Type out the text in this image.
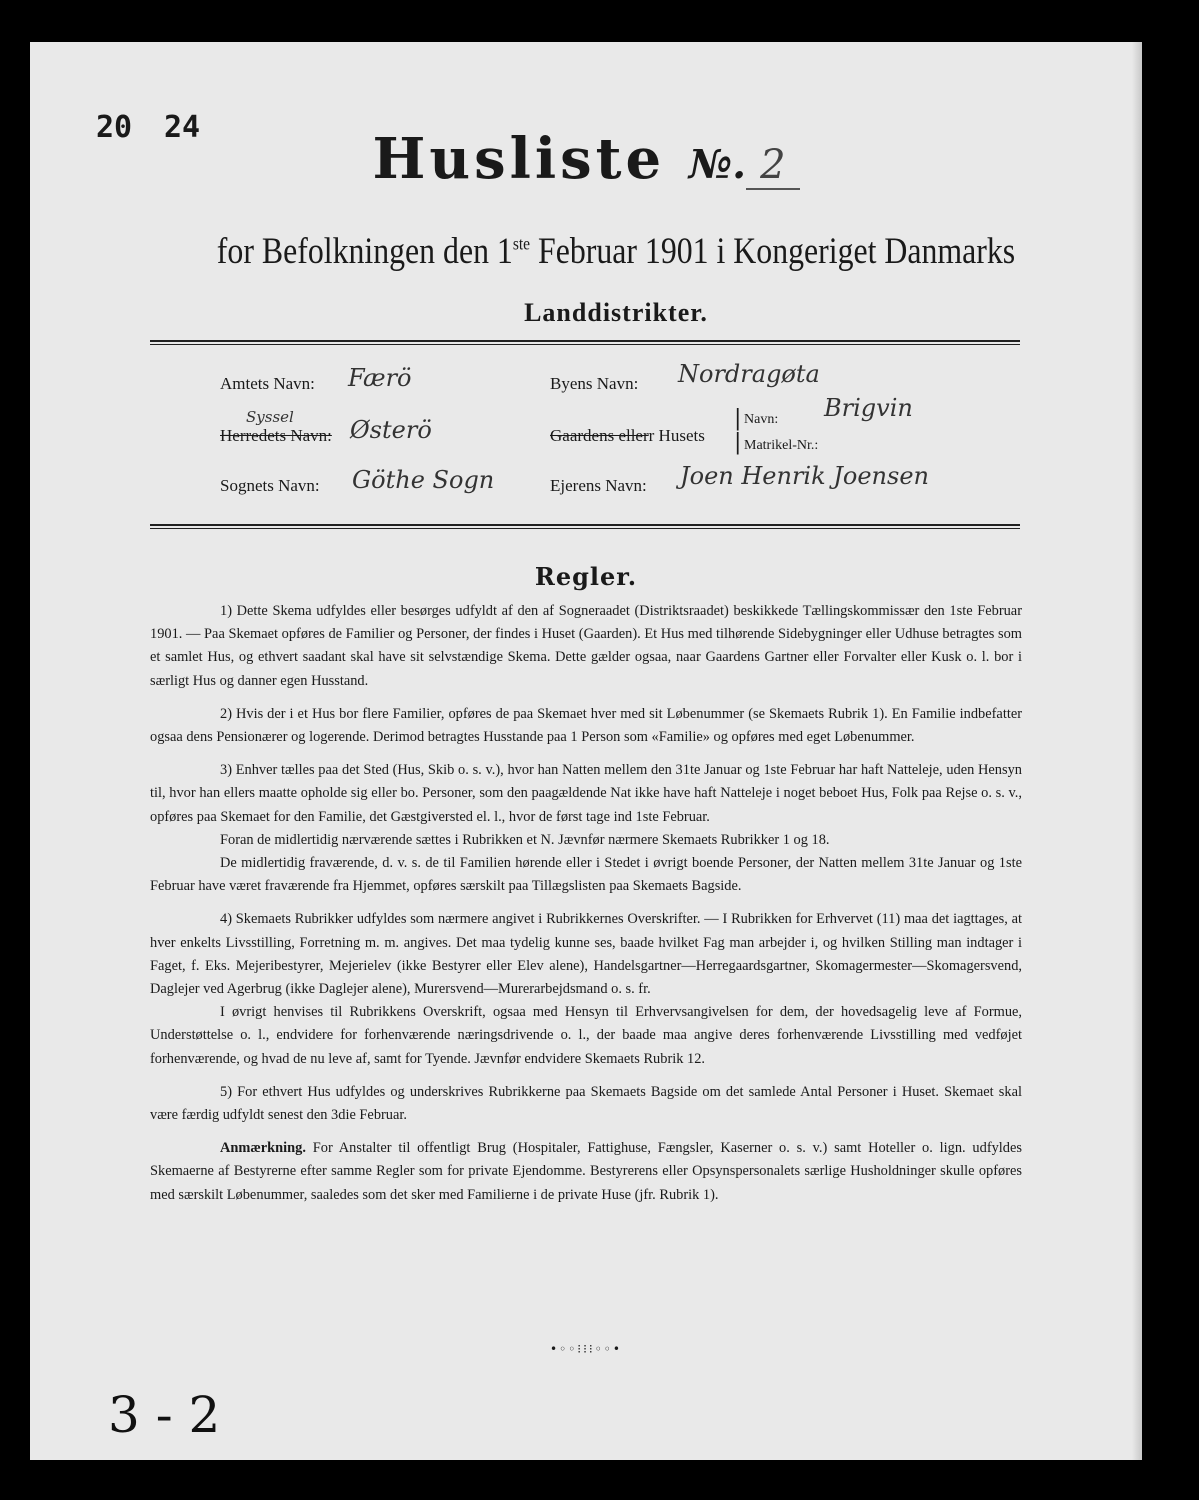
20 24	Husliste №. 2
for Befolkningen den 1ste Februar 1901 i Kongeriget Danmarks
Landdistrikter.
Amtets Navn: Færö
Syssel
Herredets Navn: Østerö
Sognets Navn: Göthe Sogn
Byens Navn: Nordragøta
Gaardens ellerr Husets
|
|
Navn: Brigvin
Matrikel-Nr.:
Ejerens Navn: Joen Henrik Joensen
Regler.

1) Dette Skema udfyldes eller besørges udfyldt af den af Sogneraadet (Distriktsraadet) beskikkede Tællingskommissær den 1ste Februar 1901. — Paa Skemaet opføres de Familier og Personer, der findes i Huset (Gaarden). Et Hus med tilhørende Sidebygninger eller Udhuse betragtes som et samlet Hus, og ethvert saadant skal have sit selvstændige Skema. Dette gælder ogsaa, naar Gaardens Gartner eller Forvalter eller Kusk o. l. bor i særligt Hus og danner egen Husstand.

2) Hvis der i et Hus bor flere Familier, opføres de paa Skemaet hver med sit Løbenummer (se Skemaets Rubrik 1). En Familie indbefatter ogsaa dens Pensionærer og logerende. Derimod betragtes Husstande paa 1 Person som «Familie» og opføres med eget Løbenummer.

3) Enhver tælles paa det Sted (Hus, Skib o. s. v.), hvor han Natten mellem den 31te Januar og 1ste Februar har haft Natteleje, uden Hensyn til, hvor han ellers maatte opholde sig eller bo. Personer, som den paagældende Nat ikke have haft Natteleje i noget beboet Hus, Folk paa Rejse o. s. v., opføres paa Skemaet for den Familie, det Gæstgiversted el. l., hvor de først tage ind 1ste Februar.

Foran de midlertidig nærværende sættes i Rubrikken et N. Jævnfør nærmere Skemaets Rubrikker 1 og 18.

De midlertidig fraværende, d. v. s. de til Familien hørende eller i Stedet i øvrigt boende Personer, der Natten mellem 31te Januar og 1ste Februar have været fraværende fra Hjemmet, opføres særskilt paa Tillægslisten paa Skemaets Bagside.

4) Skemaets Rubrikker udfyldes som nærmere angivet i Rubrikkernes Overskrifter. — I Rubrikken for Erhvervet (11) maa det iagttages, at hver enkelts Livsstilling, Forretning m. m. angives. Det maa tydelig kunne ses, baade hvilket Fag man arbejder i, og hvilken Stilling man indtager i Faget, f. Eks. Mejeribestyrer, Mejerielev (ikke Bestyrer eller Elev alene), Handelsgartner—Herregaardsgartner, Skomagermester—Skomagersvend, Daglejer ved Agerbrug (ikke Daglejer alene), Murersvend—Murerarbejdsmand o. s. fr.

I øvrigt henvises til Rubrikkens Overskrift, ogsaa med Hensyn til Erhvervsangivelsen for dem, der hovedsagelig leve af Formue, Understøttelse o. l., endvidere for forhenværende næringsdrivende o. l., der baade maa angive deres forhenværende Livsstilling med vedføjet forhenværende, og hvad de nu leve af, samt for Tyende. Jævnfør endvidere Skemaets Rubrik 12.

5) For ethvert Hus udfyldes og underskrives Rubrikkerne paa Skemaets Bagside om det samlede Antal Personer i Huset. Skemaet skal være færdig udfyldt senest den 3die Februar.

Anmærkning. For Anstalter til offentligt Brug (Hospitaler, Fattighuse, Fængsler, Kaserner o. s. v.) samt Hoteller o. lign. udfyldes Skemaerne af Bestyrerne efter samme Regler som for private Ejendomme. Bestyrerens eller Opsynspersonalets særlige Husholdninger skulle opføres med særskilt Løbenummer, saaledes som det sker med Familierne i de private Huse (jfr. Rubrik 1).

•◦◦⁝⁝⁝◦◦•
3 - 2
